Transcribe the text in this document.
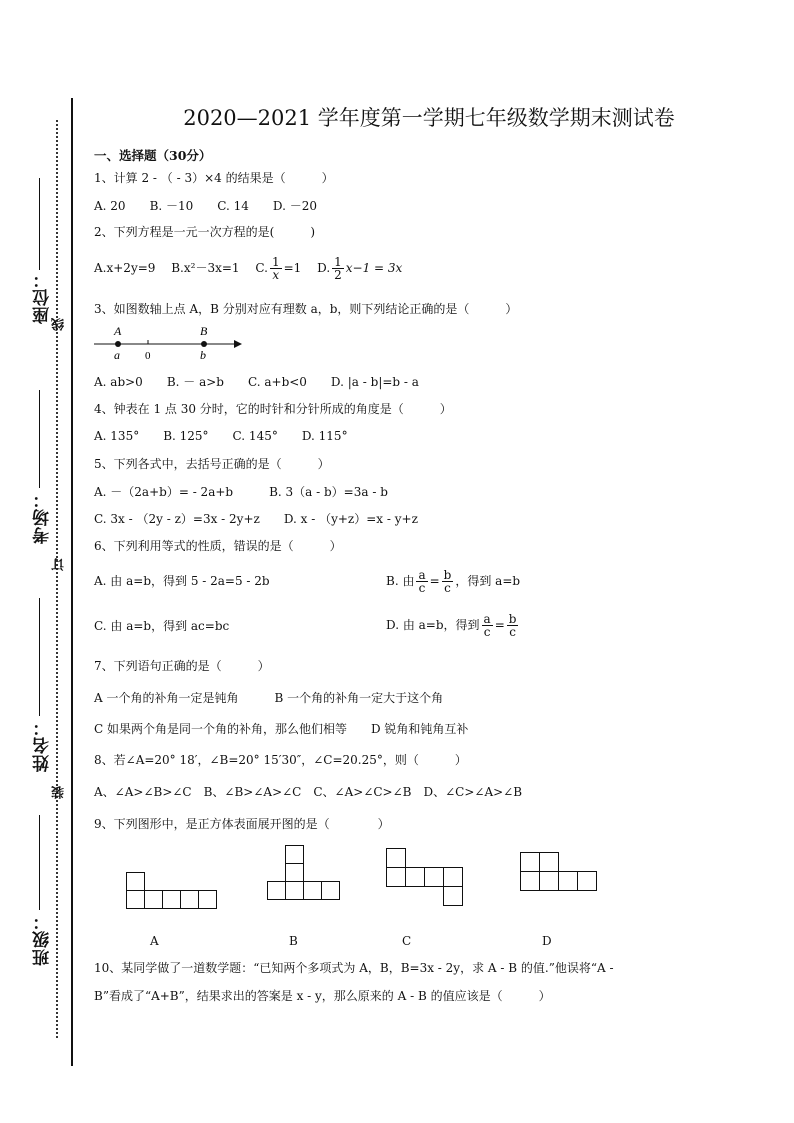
座位：
线
考场：
订
姓名：
装
班级：
2020—2021 学年度第一学期七年级数学期末测试卷
一、选择题（30分）
1、计算 2 - （ - 3）×4 的结果是（　　　）
A. 20　　B. －10　　C. 14　　D. －20
2、下列方程是一元一次方程的是(　　　)
A.x+2y=9 B.x²－3x=1 C. $\frac{1}{x} =1$ D. $\frac{1}{2} x-1 = 3x$
3、如图数轴上点 A，B 分别对应有理数 a，b，则下列结论正确的是（　　　）
A	B
a 0	b
A. ab>0　　B. － a>b　　C. a+b<0　　D. |a - b|=b - a
4、钟表在 1 点 30 分时，它的时针和分针所成的角度是（　　　）
A. 135°　　B. 125°　　C. 145°　　D. 115°
5、下列各式中，去括号正确的是（　　　）
A. －（2a+b）= - 2a+b　　　B. 3（a - b）=3a - b
C. 3x - （2y - z）=3x - 2y+z　　D. x - （y+z）=x - y+z
6、下列利用等式的性质，错误的是（　　　）
A. 由 a=b，得到 5 - 2a=5 - 2b	B. 由 $\frac{a}{c} = \frac{b}{c}$ ，得到 a=b
C. 由 a=b，得到 ac=bc	D. 由 a=b，得到 $\frac{a}{c} = \frac{b}{c}$
7、下列语句正确的是（　　　）
A 一个角的补角一定是钝角　　　B 一个角的补角一定大于这个角
C 如果两个角是同一个角的补角，那么他们相等　　D 锐角和钝角互补
8、若∠A=20° 18′，∠B=20° 15′30″，∠C=20.25°，则（　　　）
A、∠A>∠B>∠C　B、∠B>∠A>∠C　C、∠A>∠C>∠B　D、∠C>∠A>∠B
9、下列图形中，是正方体表面展开图的是（　　　　）
A	B	C	D
10、某同学做了一道数学题：“已知两个多项式为 A，B，B=3x - 2y，求 A - B 的值.”他误将“A -
B”看成了“A+B”，结果求出的答案是 x - y，那么原来的 A - B 的值应该是（　　　）
